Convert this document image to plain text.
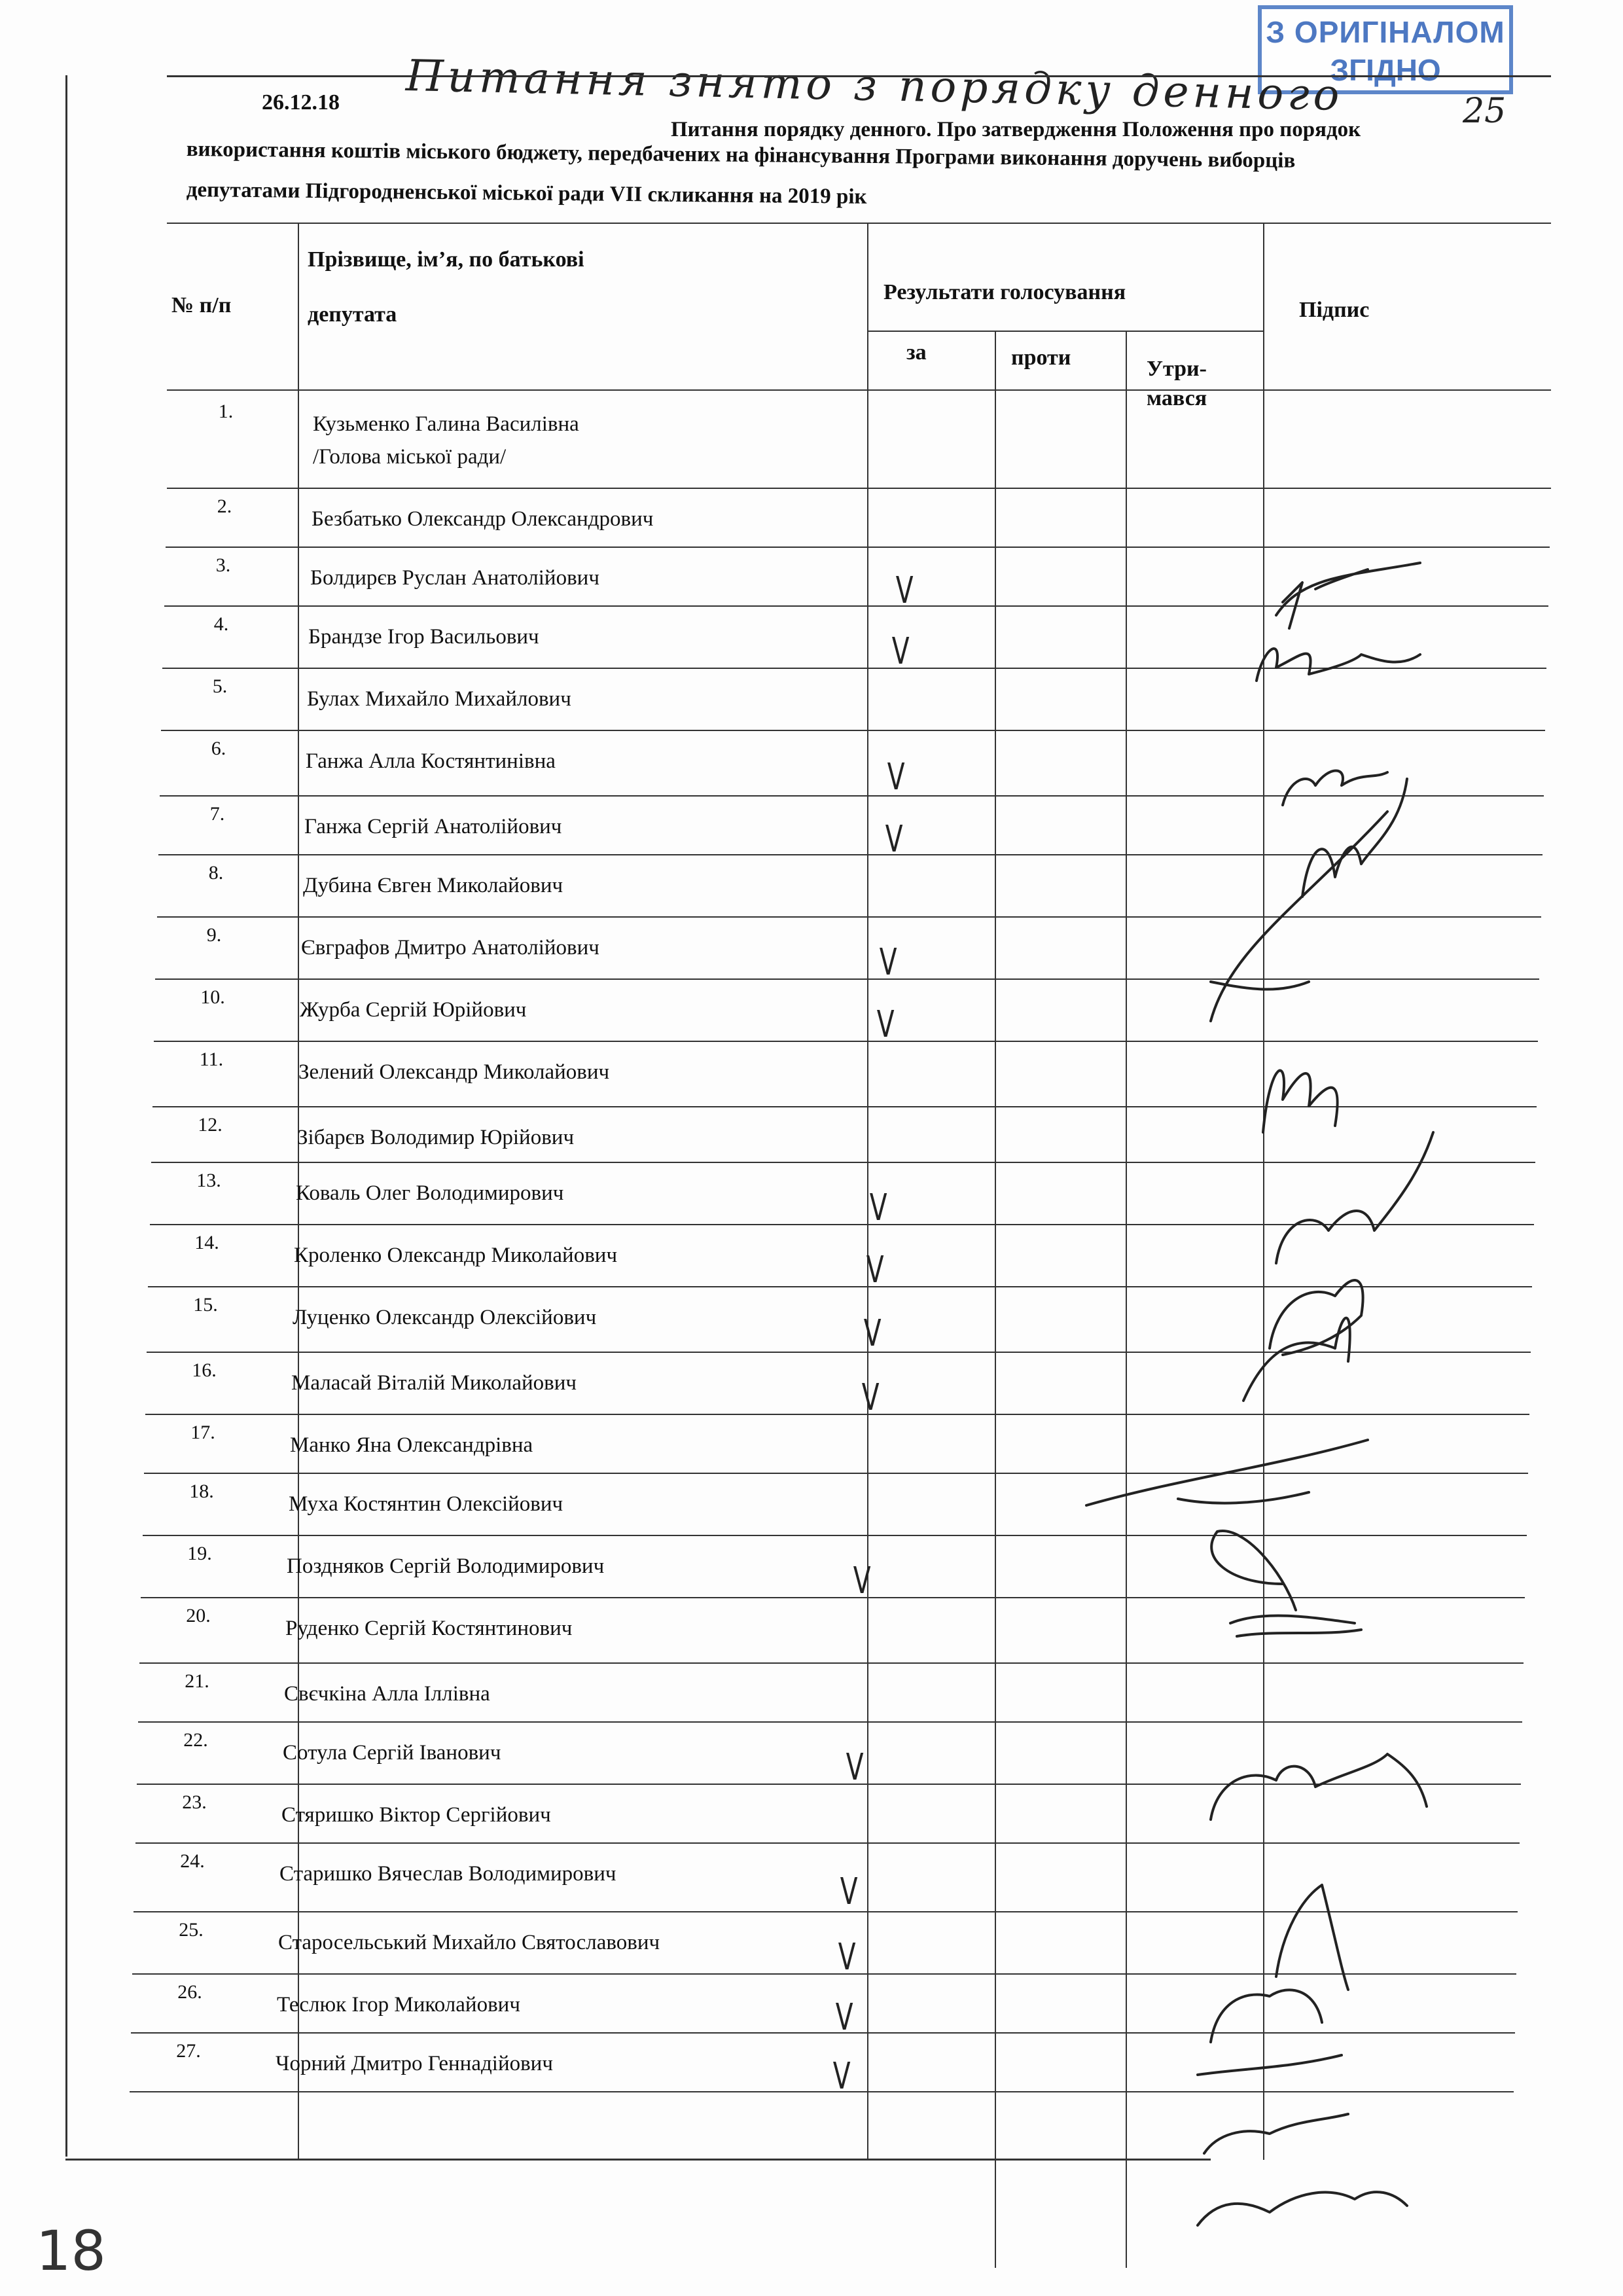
З ОРИГІНАЛОМ
ЗГІДНО
Питання знято з порядку денного	25
26.12.18
Питання порядку денного. Про затвердження Положення про порядок
використання коштів міського бюджету, передбачених на фінансування Програми виконання доручень виборців
депутатами Підгородненської міської ради VII скликання на 2019 рік
№ п/п
Прізвище, ім’я, по батькові
депутата
Результати голосування
за	проти	Утри-
мався
Підпис
1.
Кузьменко Галина Василівна
/Голова міської ради/
2.
Безбатько Олександр Олександрович
3.
Болдирєв Руслан Анатолійович	V
4.
Брандзе Ігор Васильович	V
5.
Булах Михайло Михайлович
6.
Ганжа Алла Костянтинівна	V
7.
Ганжа Сергій Анатолійович	V
8.
Дубина Євген Миколайович
9.
Євграфов Дмитро Анатолійович	V
10.
Журба Сергій Юрійович	V
11.
Зелений Олександр Миколайович
12.
Зібарєв Володимир Юрійович
13.
Коваль Олег Володимирович	V
14.
Кроленко Олександр Миколайович	V
15.
Луценко Олександр Олексійович	V
16.
Маласай Віталій Миколайович	V
17.
Манко Яна Олександрівна
18.
Муха Костянтин Олексійович
19.
Поздняков Сергій Володимирович	V
20.
Руденко Сергій Костянтинович
21.
Свєчкіна Алла Іллівна
22.
Сотула Сергій Іванович	V
23.
Стяришко Віктор Сергійович
24.
Старишко Вячеслав Володимирович	V
25.
Старосельський Михайло Святославович	V
26.
Теслюк Ігор Миколайович	V
27.
Чорний Дмитро Геннадійович	V
18
